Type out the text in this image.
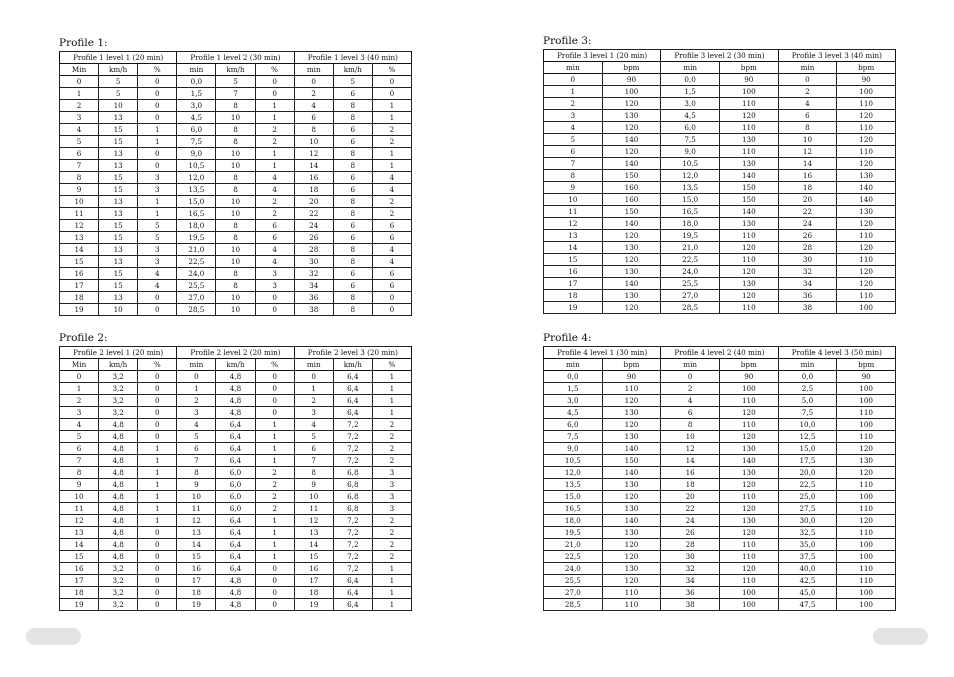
Profile 1:
Profile 1 level 1 (20 min)			Profile 1 level 2 (30 min)			Profile 1 level 3 (40 min)		
Min	km/h	%	min	km/h	%	min	km/h	%
0	5	0	0,0	5	0	0	5	0
1	5	0	1,5	7	0	2	6	0
2	10	0	3,0	8	1	4	8	1
3	13	0	4,5	10	1	6	8	1
4	15	1	6,0	8	2	8	6	2
5	15	1	7,5	8	2	10	6	2
6	13	0	9,0	10	1	12	8	1
7	13	0	10,5	10	1	14	8	1
8	15	3	12,0	8	4	16	6	4
9	15	3	13,5	8	4	18	6	4
10	13	1	15,0	10	2	20	8	2
11	13	1	16,5	10	2	22	8	2
12	15	5	18,0	8	6	24	6	6
13	15	5	19,5	8	6	26	6	6
14	13	3	21,0	10	4	28	8	4
15	13	3	22,5	10	4	30	8	4
16	15	4	24,0	8	3	32	6	6
17	15	4	25,5	8	3	34	6	6
18	13	0	27,0	10	0	36	8	0
19	10	0	28,5	10	0	38	8	0
Profile 2:
Profile 2 level 1 (20 min)			Profile 2 level 2 (20 min)			Profile 2 level 3 (20 min)		
Min	km/h	%	min	km/h	%	min	km/h	%
0	3,2	0	0	4,8	0	0	6,4	1
1	3,2	0	1	4,8	0	1	6,4	1
2	3,2	0	2	4,8	0	2	6,4	1
3	3,2	0	3	4,8	0	3	6,4	1
4	4,8	0	4	6,4	1	4	7,2	2
5	4,8	0	5	6,4	1	5	7,2	2
6	4,8	1	6	6,4	1	6	7,2	2
7	4,8	1	7	6,4	1	7	7,2	2
8	4,8	1	8	6,0	2	8	6,8	3
9	4,8	1	9	6,0	2	9	6,8	3
10	4,8	1	10	6,0	2	10	6,8	3
11	4,8	1	11	6,0	2	11	6,8	3
12	4,8	1	12	6,4	1	12	7,2	2
13	4,8	0	13	6,4	1	13	7,2	2
14	4,8	0	14	6,4	1	14	7,2	2
15	4,8	0	15	6,4	1	15	7,2	2
16	3,2	0	16	6,4	0	16	7,2	1
17	3,2	0	17	4,8	0	17	6,4	1
18	3,2	0	18	4,8	0	18	6,4	1
19	3,2	0	19	4,8	0	19	6,4	1
Profile 3:
Profile 3 level 1 (20 min)		Profile 3 level 2 (30 min)		Profile 3 level 3 (40 min)	
min	bpm	min	bpm	min	bpm
0	90	0,0	90	0	90
1	100	1,5	100	2	100
2	120	3,0	110	4	110
3	130	4,5	120	6	120
4	120	6,0	110	8	110
5	140	7,5	130	10	120
6	120	9,0	110	12	110
7	140	10,5	130	14	120
8	150	12,0	140	16	130
9	160	13,5	150	18	140
10	160	15,0	150	20	140
11	150	16,5	140	22	130
12	140	18,0	130	24	120
13	120	19,5	110	26	110
14	130	21,0	120	28	120
15	120	22,5	110	30	110
16	130	24,0	120	32	120
17	140	25,5	130	34	120
18	130	27,0	120	36	110
19	120	28,5	110	38	100
Profile 4:
Profile 4 level 1 (30 min)		Profile 4 level 2 (40 min)		Profile 4 level 3 (50 min)	
min	bpm	min	bpm	min	bpm
0,0	90	0	90	0,0	90
1,5	110	2	100	2,5	100
3,0	120	4	110	5,0	100
4,5	130	6	120	7,5	110
6,0	120	8	110	10,0	100
7,5	130	10	120	12,5	110
9,0	140	12	130	15,0	120
10,5	150	14	140	17,5	130
12,0	140	16	130	20,0	120
13,5	130	18	120	22,5	110
15,0	120	20	110	25,0	100
16,5	130	22	120	27,5	110
18,0	140	24	130	30,0	120
19,5	130	26	120	32,5	110
21,0	120	28	110	35,0	100
22,5	120	30	110	37,5	100
24,0	130	32	120	40,0	110
25,5	120	34	110	42,5	110
27,0	110	36	100	45,0	100
28,5	110	38	100	47,5	100
